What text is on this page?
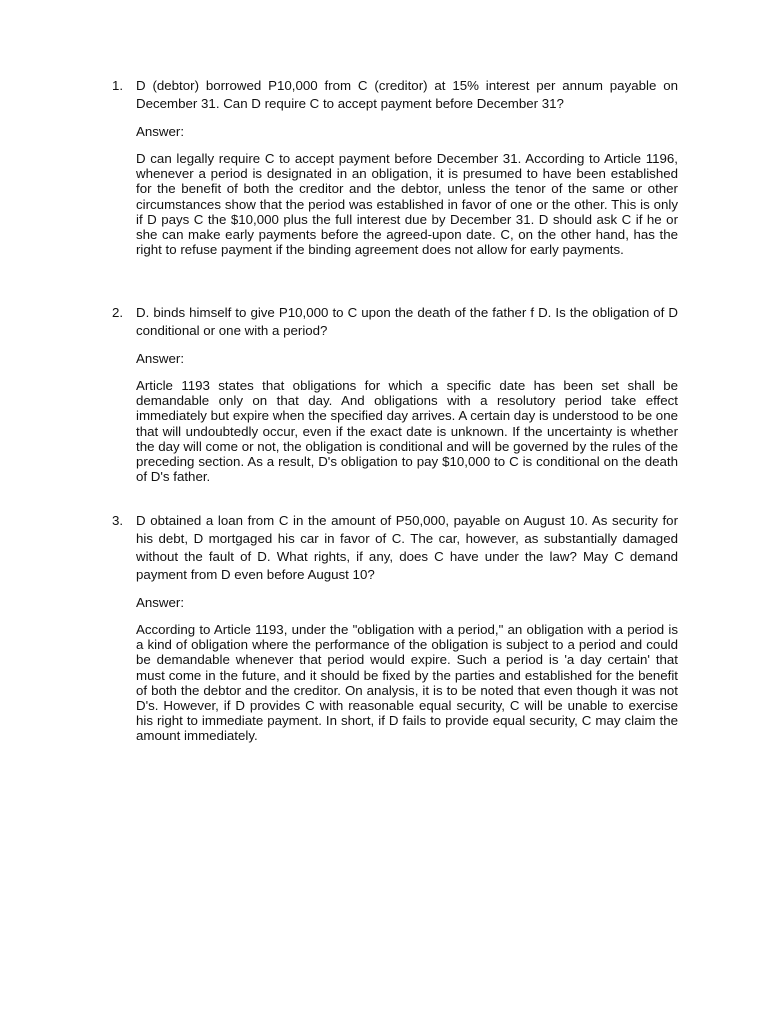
1. D (debtor) borrowed P10,000 from C (creditor) at 15% interest per annum payable on December 31. Can D require C to accept payment before December 31?

Answer:

D can legally require C to accept payment before December 31. According to Article 1196, whenever a period is designated in an obligation, it is presumed to have been established for the benefit of both the creditor and the debtor, unless the tenor of the same or other circumstances show that the period was established in favor of one or the other. This is only if D pays C the $10,000 plus the full interest due by December 31. D should ask C if he or she can make early payments before the agreed-upon date. C, on the other hand, has the right to refuse payment if the binding agreement does not allow for early payments.

2. D. binds himself to give P10,000 to C upon the death of the father f D. Is the obligation of D conditional or one with a period?

Answer:

Article 1193 states that obligations for which a specific date has been set shall be demandable only on that day. And obligations with a resolutory period take effect immediately but expire when the specified day arrives. A certain day is understood to be one that will undoubtedly occur, even if the exact date is unknown. If the uncertainty is whether the day will come or not, the obligation is conditional and will be governed by the rules of the preceding section. As a result, D's obligation to pay $10,000 to C is conditional on the death of D's father.

3. D obtained a loan from C in the amount of P50,000, payable on August 10. As security for his debt, D mortgaged his car in favor of C. The car, however, as substantially damaged without the fault of D. What rights, if any, does C have under the law? May C demand payment from D even before August 10?

Answer:

According to Article 1193, under the "obligation with a period," an obligation with a period is a kind of obligation where the performance of the obligation is subject to a period and could be demandable whenever that period would expire. Such a period is 'a day certain' that must come in the future, and it should be fixed by the parties and established for the benefit of both the debtor and the creditor. On analysis, it is to be noted that even though it was not D's. However, if D provides C with reasonable equal security, C will be unable to exercise his right to immediate payment. In short, if D fails to provide equal security, C may claim the amount immediately.
